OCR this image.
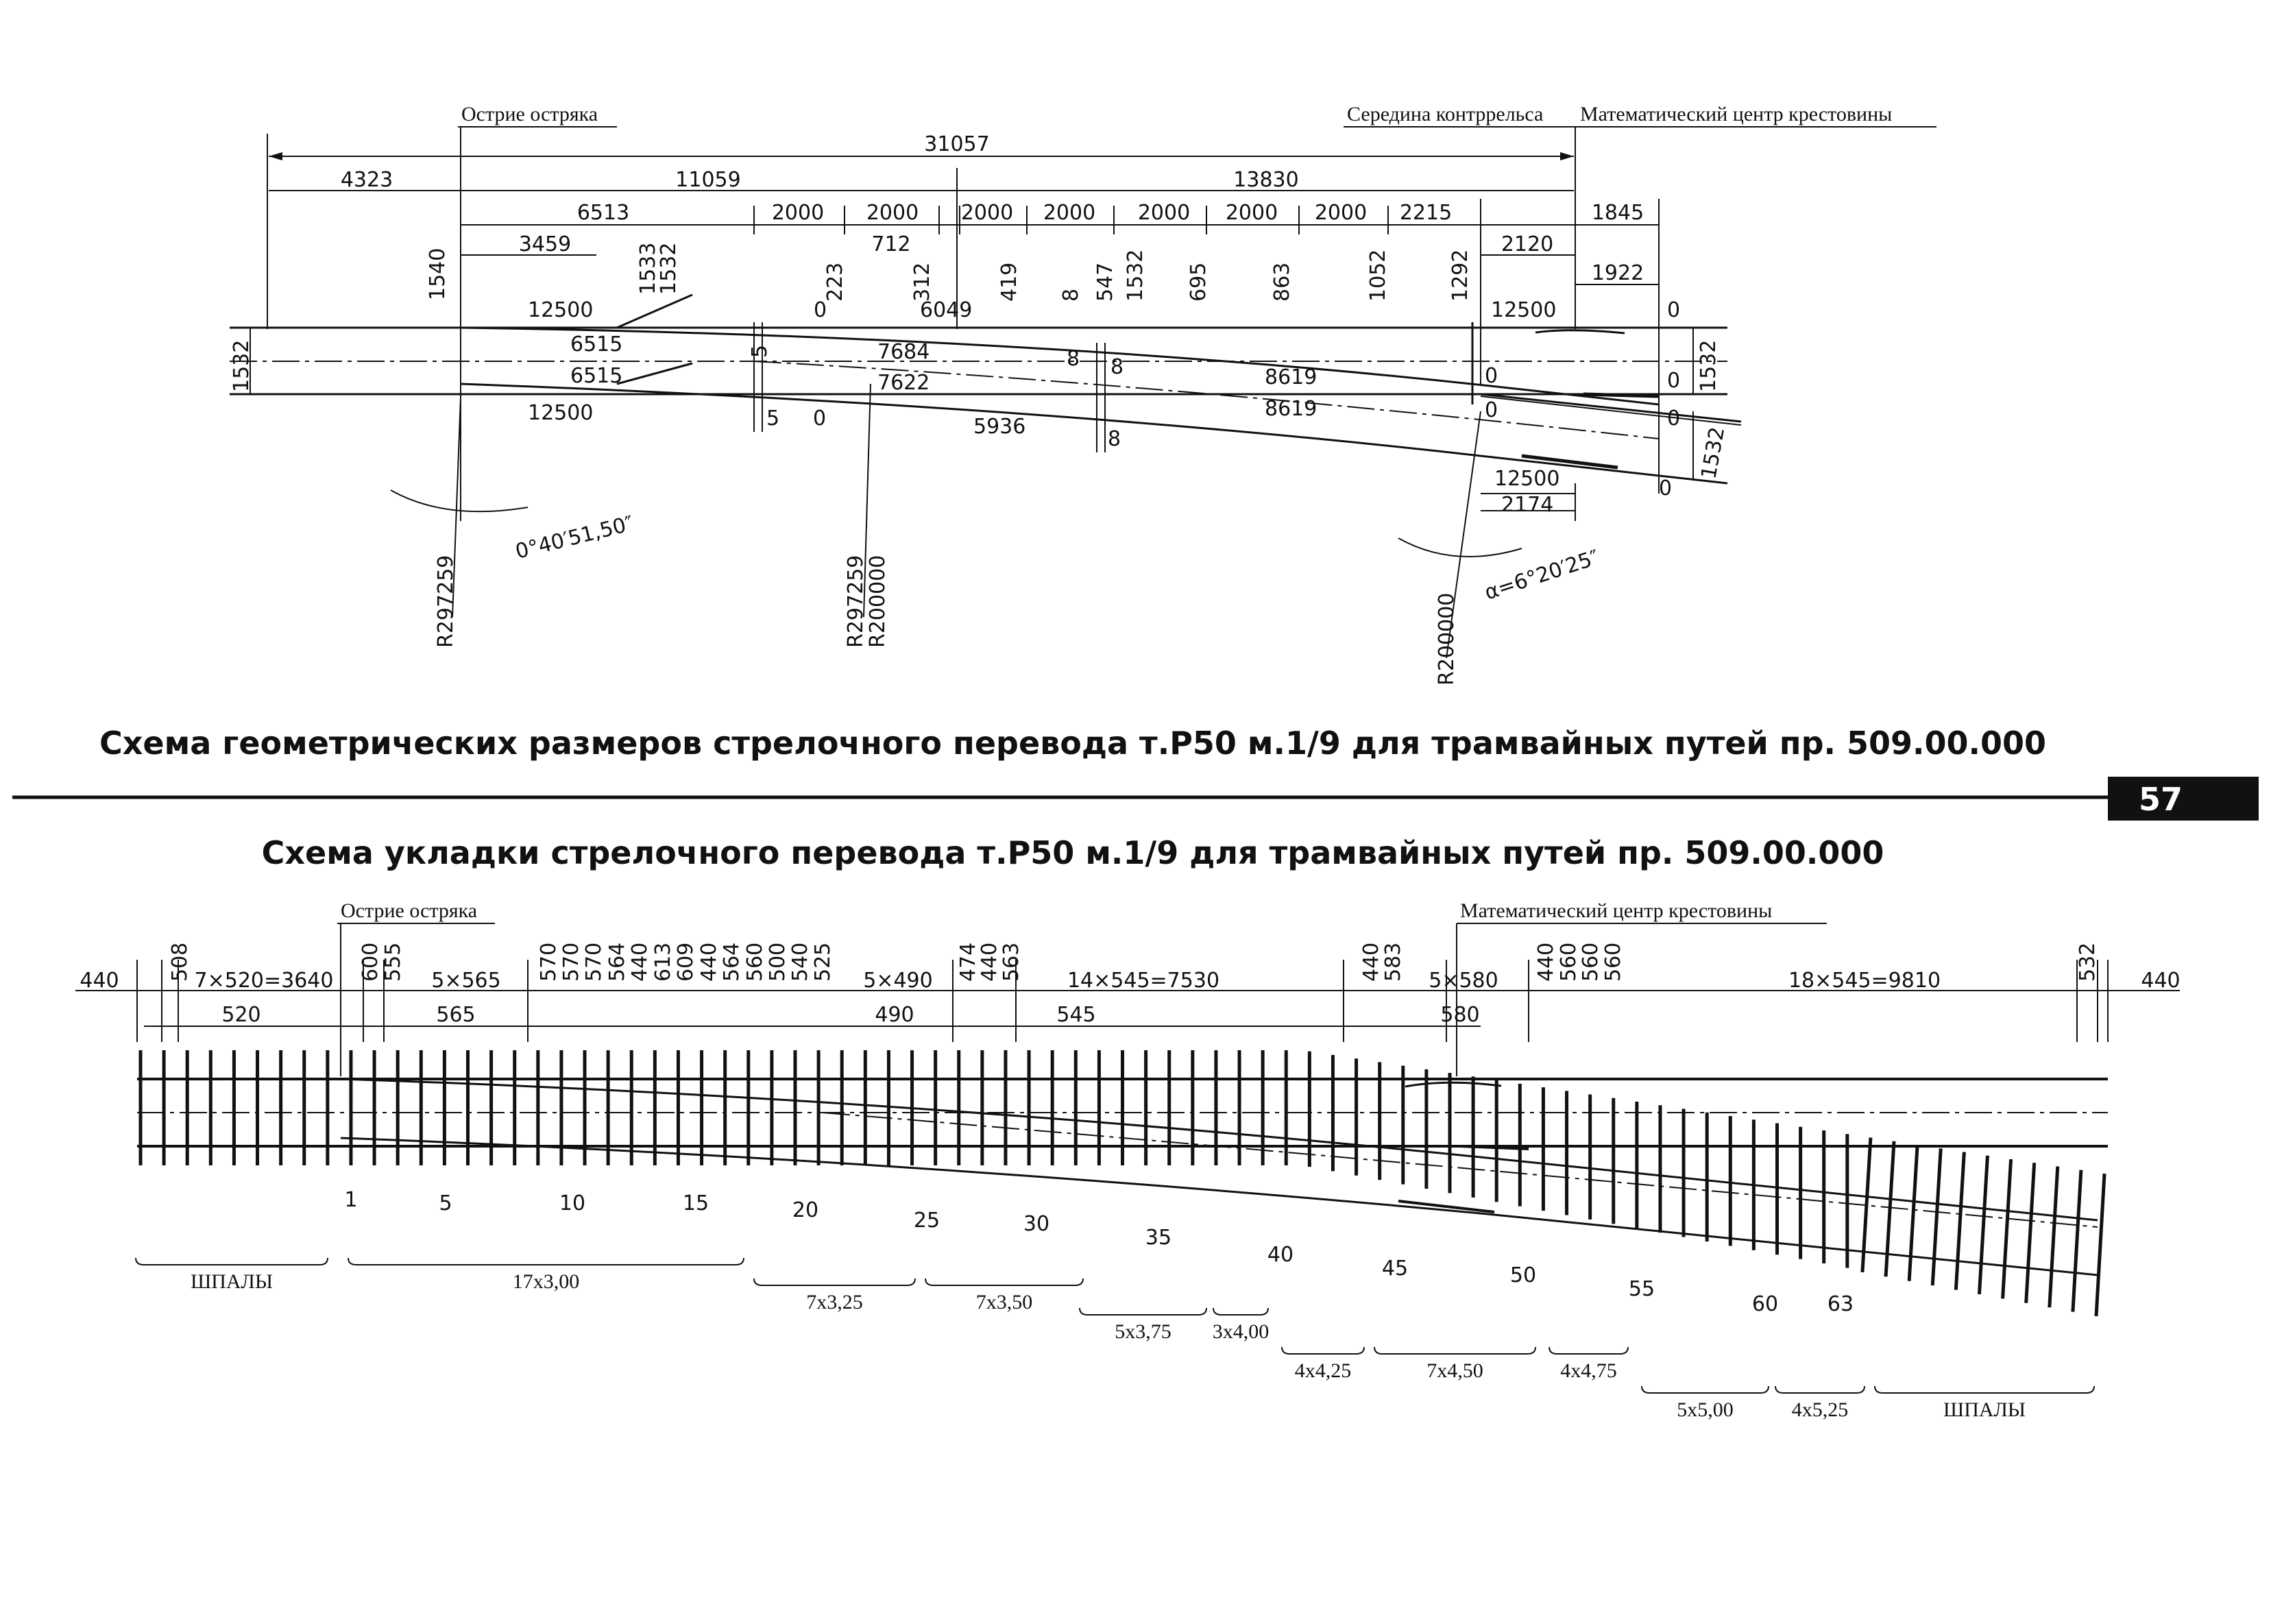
Острие остряка	Середина контррельса Математический центр крестовины
31057
4323	11059	13830
6513	2000 2000 2000 2000 2000 2000 2000 2215	1845
3459	712	2120
1922
1540	1533
1532	223	312	419 8 547 1532 695	863	1052	1292
12500
6515
6515
12500
6049
7684
7622
5936
8619
8619
12500
12500
2174
0	0
0
0
0	0
0
0
5
5	8 8
8
1532	1532
1532
0°40′51,50″
α=6°20′25″
R297259	R297259
R200000	R200000
Схема геометрических размеров стрелочного перевода т.Р50 м.1/9 для трамвайных путей пр. 509.00.000
57
Схема укладки стрелочного перевода т.Р50 м.1/9 для трамвайных путей пр. 509.00.000
Острие остряка	Математический центр крестовины
440 508 7×520=3640 600
555 5×565 570
570
570 564
440 613
609 440
564 560
500
540
525 5×490 474
440
563 14×545=7530	440
583 5×580 440
560
560
560	18×545=9810	532 440
520	565	490	545	580
1	5	10	15	20	25	30
35
40
45	50
55
60 63
ШПАЛЫ	17х3,00
7х3,25	7х3,50
5х3,75 3х4,00
4х4,25	7х4,50	4х4,75
5х5,00	4х5,25	ШПАЛЫ
